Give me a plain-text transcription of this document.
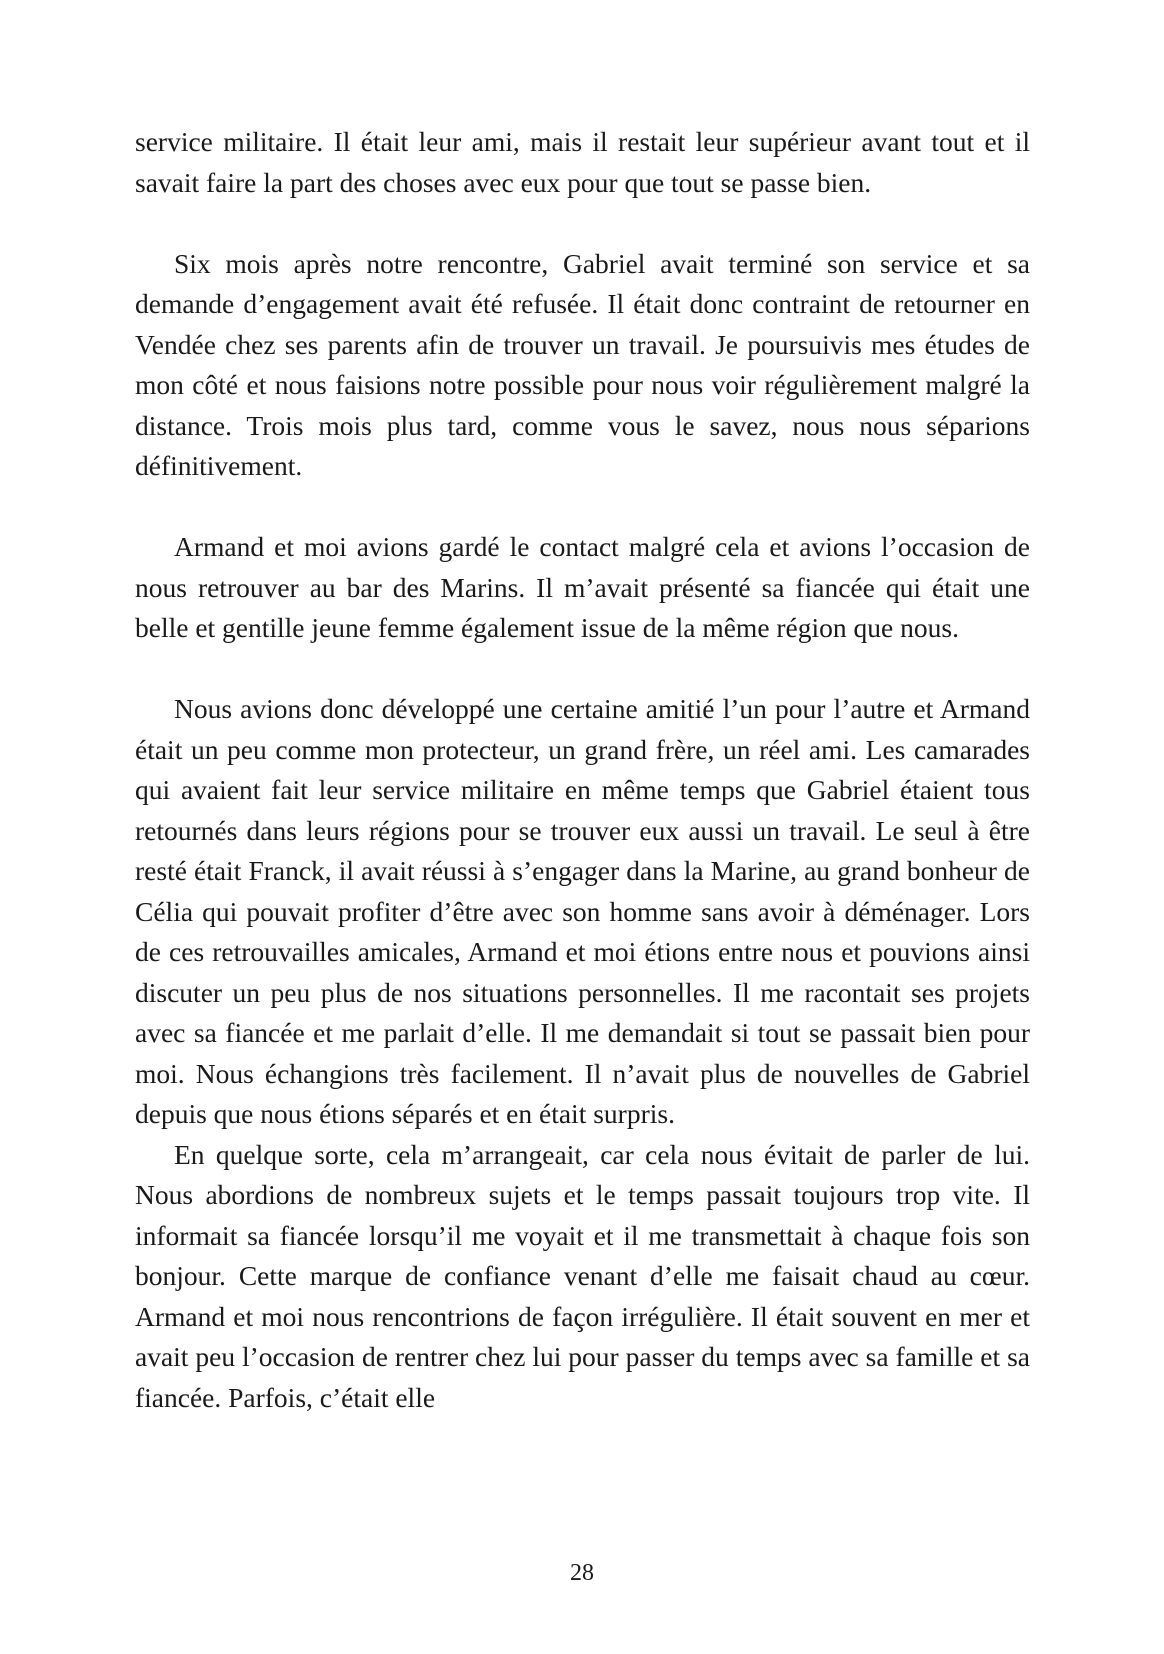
service militaire. Il était leur ami, mais il restait leur supérieur avant tout et il savait faire la part des choses avec eux pour que tout se passe bien.

Six mois après notre rencontre, Gabriel avait terminé son service et sa demande d’engagement avait été refusée. Il était donc contraint de retourner en Vendée chez ses parents afin de trouver un travail. Je poursuivis mes études de mon côté et nous faisions notre possible pour nous voir régulièrement malgré la distance. Trois mois plus tard, comme vous le savez, nous nous séparions définitivement.

Armand et moi avions gardé le contact malgré cela et avions l’occasion de nous retrouver au bar des Marins. Il m’avait présenté sa fiancée qui était une belle et gentille jeune femme également issue de la même région que nous.

Nous avions donc développé une certaine amitié l’un pour l’autre et Armand était un peu comme mon protecteur, un grand frère, un réel ami. Les camarades qui avaient fait leur service militaire en même temps que Gabriel étaient tous retournés dans leurs régions pour se trouver eux aussi un travail. Le seul à être resté était Franck, il avait réussi à s’engager dans la Marine, au grand bonheur de Célia qui pouvait profiter d’être avec son homme sans avoir à déménager. Lors de ces retrouvailles amicales, Armand et moi étions entre nous et pouvions ainsi discuter un peu plus de nos situations personnelles. Il me racontait ses projets avec sa fiancée et me parlait d’elle. Il me demandait si tout se passait bien pour moi. Nous échangions très facilement. Il n’avait plus de nouvelles de Gabriel depuis que nous étions séparés et en était surpris.

En quelque sorte, cela m’arrangeait, car cela nous évitait de parler de lui. Nous abordions de nombreux sujets et le temps passait toujours trop vite. Il informait sa fiancée lorsqu’il me voyait et il me transmettait à chaque fois son bonjour. Cette marque de confiance venant d’elle me faisait chaud au cœur. Armand et moi nous rencontrions de façon irrégulière. Il était souvent en mer et avait peu l’occasion de rentrer chez lui pour passer du temps avec sa famille et sa fiancée. Parfois, c’était elle

28
